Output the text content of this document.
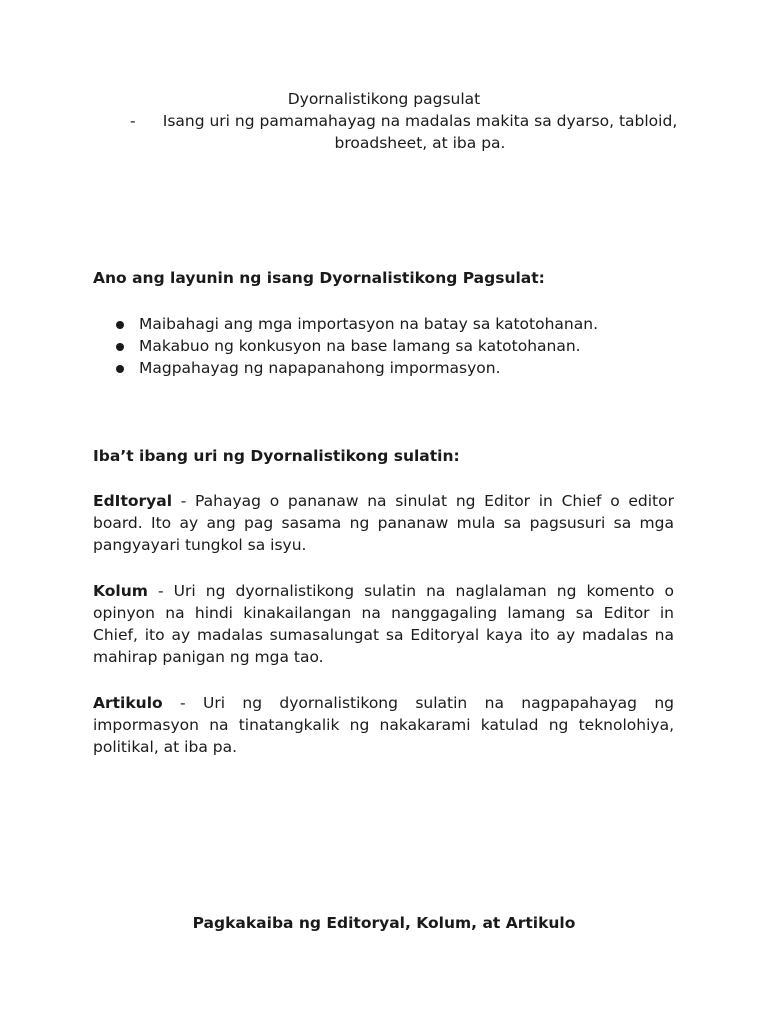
Dyornalistikong pagsulat
-	Isang uri ng pamamahayag na madalas makita sa dyarso, tabloid, broadsheet, at iba pa.
Ano ang layunin ng isang Dyornalistikong Pagsulat:
Maibahagi ang mga importasyon na batay sa katotohanan.
Makabuo ng konkusyon na base lamang sa katotohanan.
Magpahayag ng napapanahong impormasyon.
Iba’t ibang uri ng Dyornalistikong sulatin:
EdItoryal - Pahayag o pananaw na sinulat ng Editor in Chief o editor board. Ito ay ang pag sasama ng pananaw mula sa pagsusuri sa mga pangyayari tungkol sa isyu.
Kolum - Uri ng dyornalistikong sulatin na naglalaman ng komento o opinyon na hindi kinakailangan na nanggagaling lamang sa Editor in Chief, ito ay madalas sumasalungat sa Editoryal kaya ito ay madalas na mahirap panigan ng mga tao.
Artikulo - Uri ng dyornalistikong sulatin na nagpapahayag ng impormasyon na tinatangkalik ng nakakarami katulad ng teknolohiya, politikal, at iba pa.
Pagkakaiba ng Editoryal, Kolum, at Artikulo
